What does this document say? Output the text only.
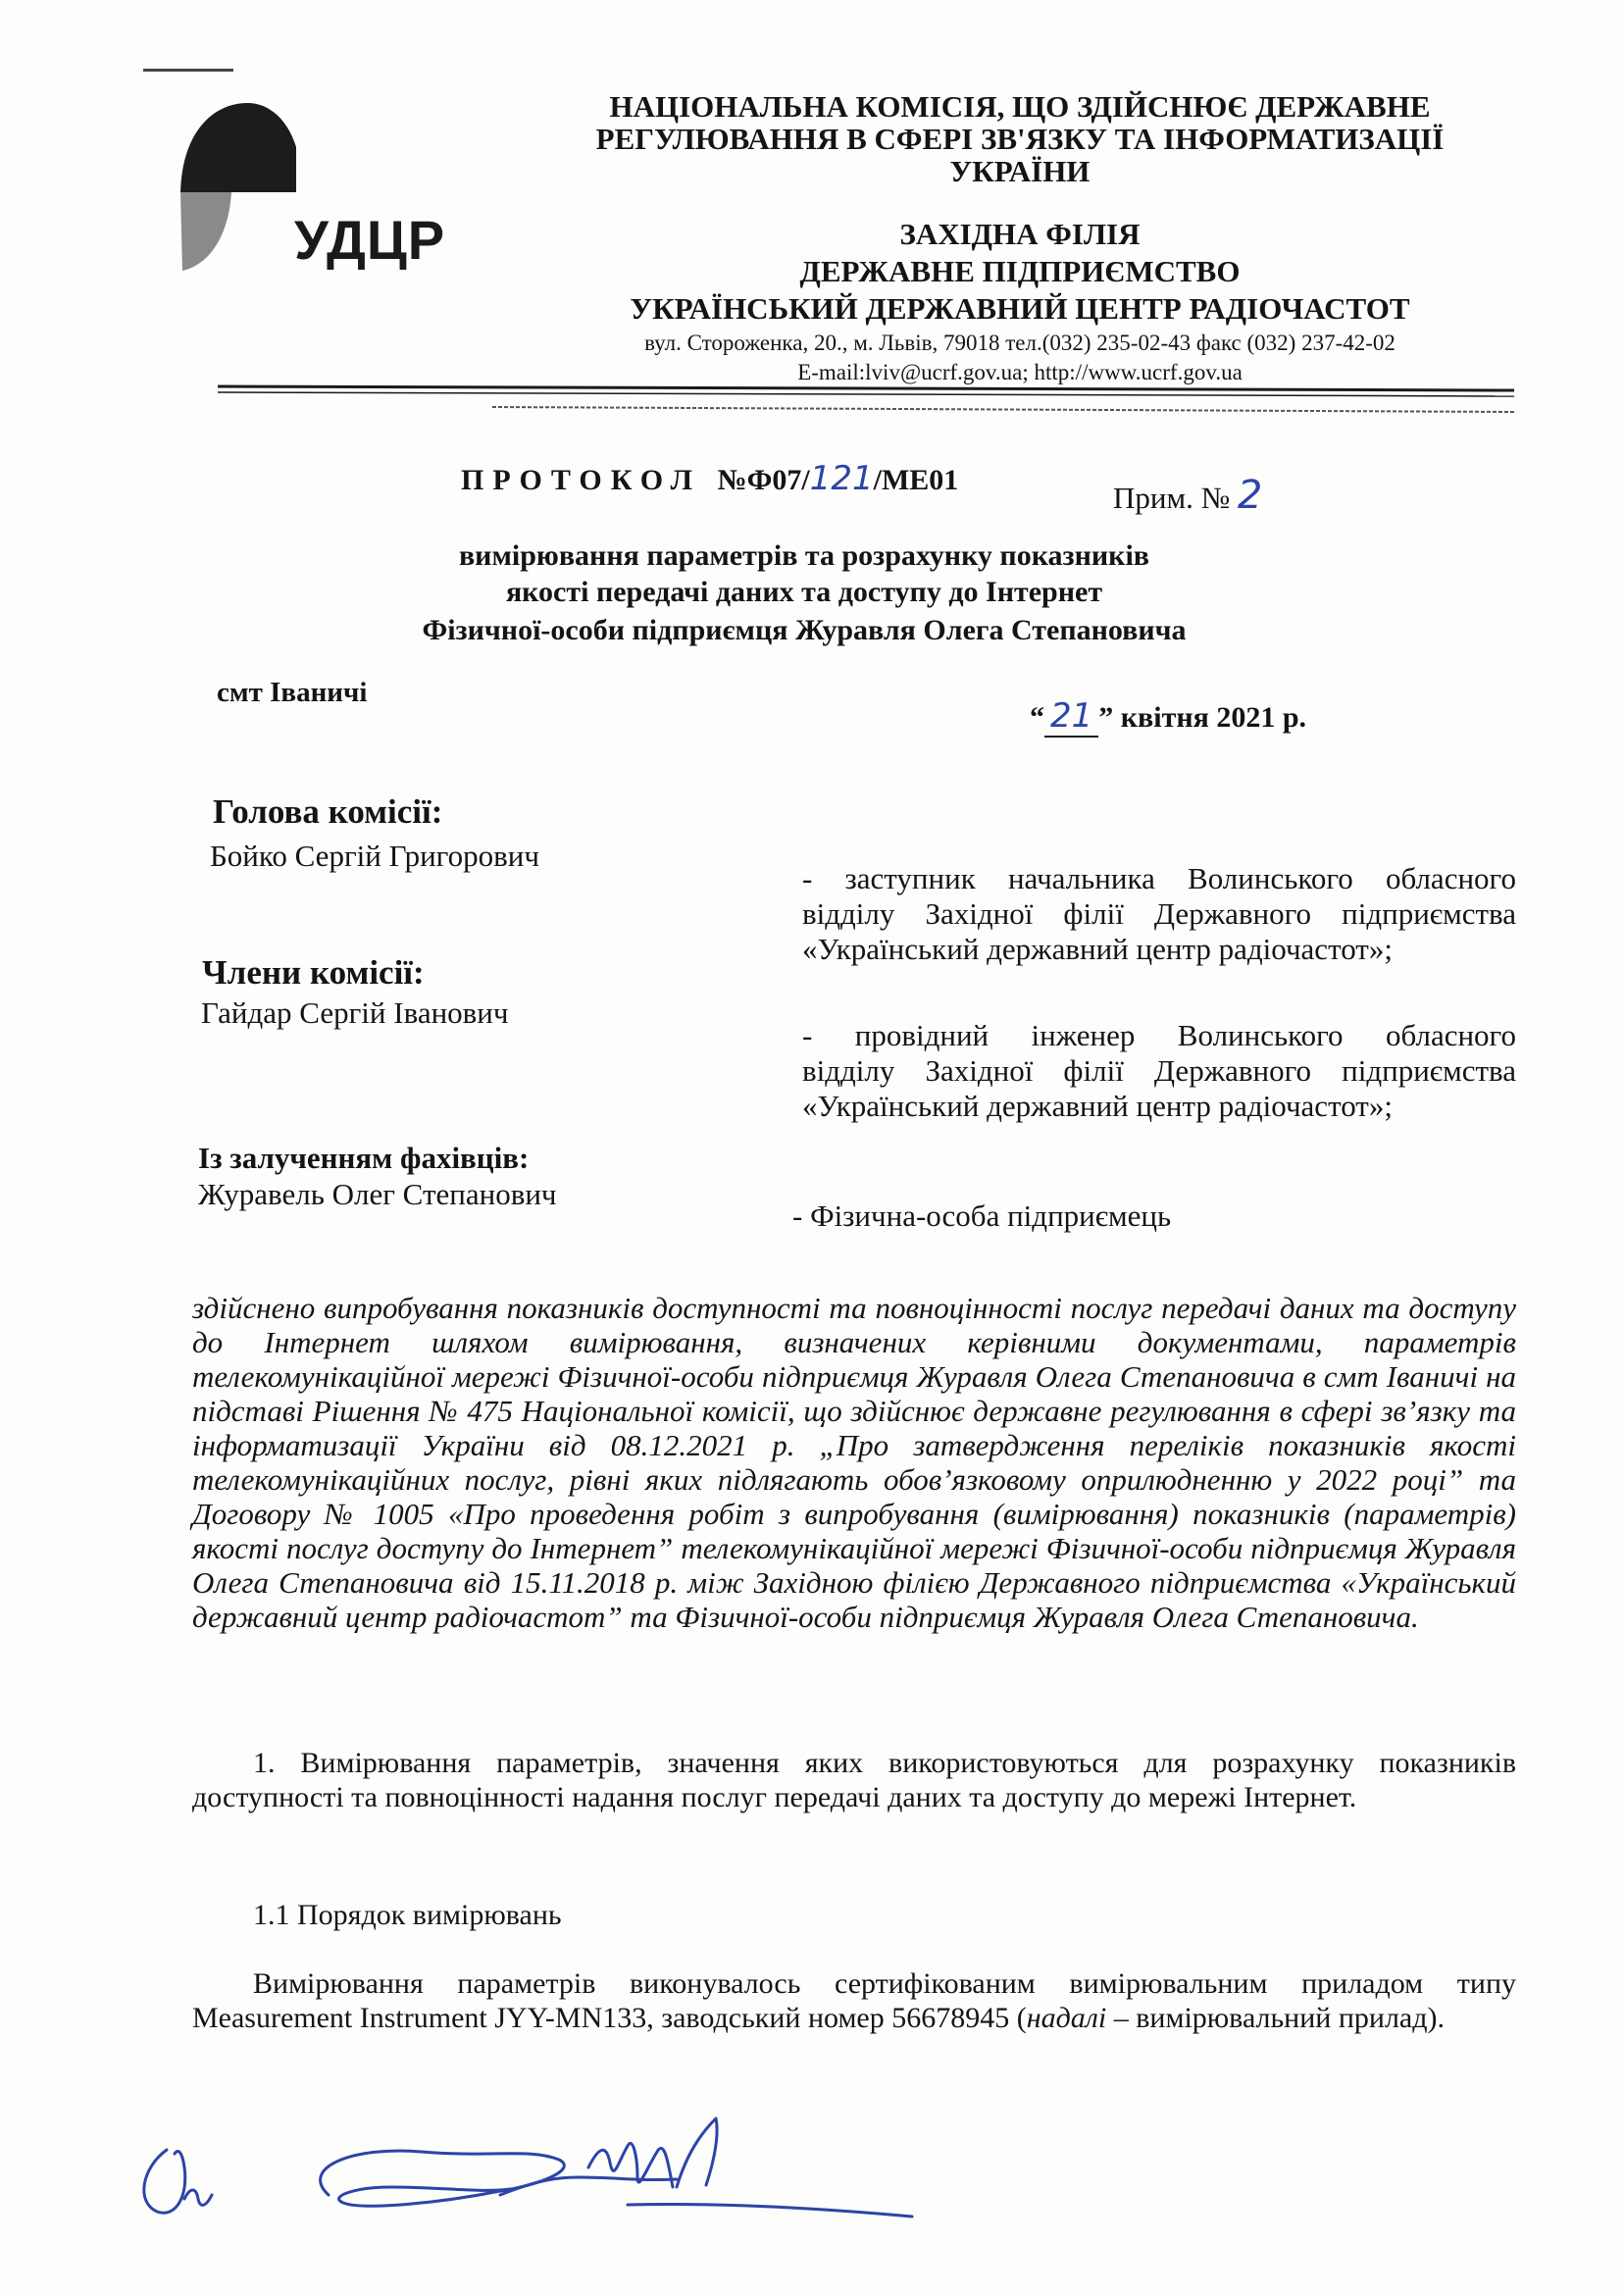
УДЦР
НАЦІОНАЛЬНА КОМІСІЯ, ЩО ЗДІЙСНЮЄ ДЕРЖАВНЕ
РЕГУЛЮВАННЯ В СФЕРІ ЗВ'ЯЗКУ ТА ІНФОРМАТИЗАЦІЇ
УКРАЇНИ
ЗАХІДНА ФІЛІЯ
ДЕРЖАВНЕ ПІДПРИЄМСТВО
УКРАЇНСЬКИЙ ДЕРЖАВНИЙ ЦЕНТР РАДІОЧАСТОТ
вул. Стороженка, 20., м. Львів, 79018 тел.(032) 235-02-43 факс (032) 237-42-02
E-mail:lviv@ucrf.gov.ua; http://www.ucrf.gov.ua
ПРОТОКОЛ №Ф07/121/МЕ01
Прим. № 2
вимірювання параметрів та розрахунку показників
якості передачі даних та доступу до Інтернет
Фізичної-особи підприємця Журавля Олега Степановича
смт Іваничі
“ 21 ” квітня 2021 р.
Голова комісії:
Бойко Сергій Григорович
- заступник начальника Волинського обласного
відділу Західної філії Державного підприємства
«Український державний центр радіочастот»;
Члени комісії:
Гайдар Сергій Іванович
- провідний інженер Волинського обласного
відділу Західної філії Державного підприємства
«Український державний центр радіочастот»;
Із залученням фахівців:
Журавель Олег Степанович
- Фізична-особа підприємець
здійснено випробування показників доступності та повноцінності послуг передачі даних та доступу до Інтернет шляхом вимірювання, визначених керівними документами, параметрів телекомунікаційної мережі Фізичної-особи підприємця Журавля Олега Степановича в смт Іваничі на підставі Рішення № 475 Національної комісії, що здійснює державне регулювання в сфері зв’язку та інформатизації України від 08.12.2021 р. „Про затвердження переліків показників якості телекомунікаційних послуг, рівні яких підлягають обов’язковому оприлюдненню у 2022 році” та Договору № 1005 «Про проведення робіт з випробування (вимірювання) показників (параметрів) якості послуг доступу до Інтернет” телекомунікаційної мережі Фізичної-особи підприємця Журавля Олега Степановича від 15.11.2018 р. між Західною філією Державного підприємства «Український державний центр радіочастот” та Фізичної-особи підприємця Журавля Олега Степановича.
1. Вимірювання параметрів, значення яких використовуються для розрахунку показників доступності та повноцінності надання послуг передачі даних та доступу до мережі Інтернет.
1.1 Порядок вимірювань
Вимірювання параметрів виконувалось сертифікованим вимірювальним приладом типу Measurement Instrument JYY-MN133, заводський номер 56678945 (надалі – вимірювальний прилад).
